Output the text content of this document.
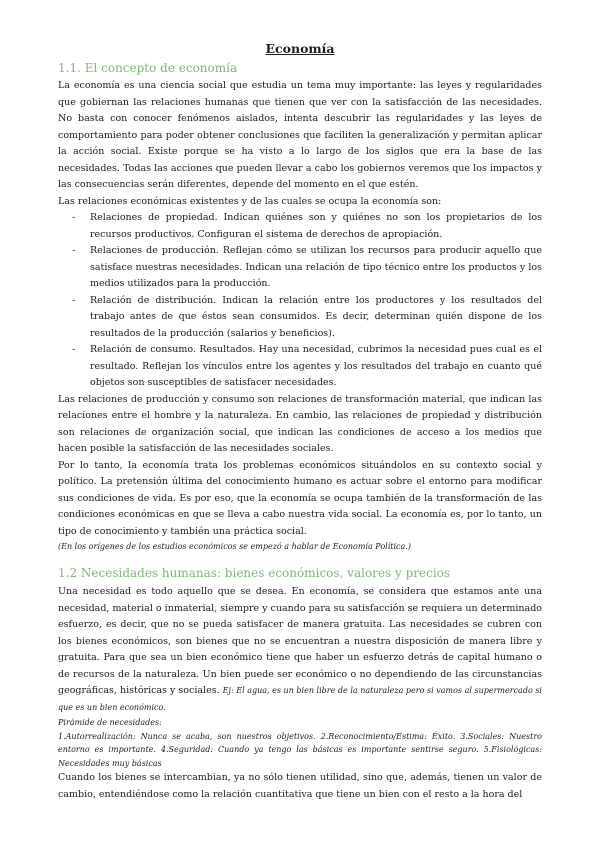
Economía
1.1. El concepto de economía

La economía es una ciencia social que estudia un tema muy importante: las leyes y regularidades que gobiernan las relaciones humanas que tienen que ver con la satisfacción de las necesidades. No basta con conocer fenómenos aislados, intenta descubrir las regularidades y las leyes de comportamiento para poder obtener conclusiones que faciliten la generalización y permitan aplicar la acción social. Existe porque se ha visto a lo largo de los siglos que era la base de las necesidades. Todas las acciones que pueden llevar a cabo los gobiernos veremos que los impactos y las consecuencias serán diferentes, depende del momento en el que estén.

Las relaciones económicas existentes y de las cuales se ocupa la economía son:

- Relaciones de propiedad. Indican quiénes son y quiénes no son los propietarios de los recursos productivos. Configuran el sistema de derechos de apropiación.
- Relaciones de producción. Reflejan cómo se utilizan los recursos para producir aquello que satisface nuestras necesidades. Indican una relación de tipo técnico entre los productos y los medios utilizados para la producción.
- Relación de distribución. Indican la relación entre los productores y los resultados del trabajo antes de que éstos sean consumidos. Es decir, determinan quién dispone de los resultados de la producción (salarios y beneficios).
- Relación de consumo. Resultados. Hay una necesidad, cubrimos la necesidad pues cual es el resultado. Reflejan los vínculos entre los agentes y los resultados del trabajo en cuanto qué objetos son susceptibles de satisfacer necesidades.

Las relaciones de producción y consumo son relaciones de transformación material, que indican las relaciones entre el hombre y la naturaleza. En cambio, las relaciones de propiedad y distribución son relaciones de organización social, que indican las condiciones de acceso a los medios que hacen posible la satisfacción de las necesidades sociales.

Por lo tanto, la economía trata los problemas económicos situándolos en su contexto social y político. La pretensión última del conocimiento humano es actuar sobre el entorno para modificar sus condiciones de vida. Es por eso, que la economía se ocupa también de la transformación de las condiciones económicas en que se lleva a cabo nuestra vida social. La economía es, por lo tanto, un tipo de conocimiento y también una práctica social.

(En los orígenes de los estudios económicos se empezó a hablar de Economía Política.)

1.2 Necesidades humanas: bienes económicos, valores y precios

Una necesidad es todo aquello que se desea. En economía, se considera que estamos ante una necesidad, material o inmaterial, siempre y cuando para su satisfacción se requiera un determinado esfuerzo, es decir, que no se pueda satisfacer de manera gratuita. Las necesidades se cubren con los bienes económicos, son bienes que no se encuentran a nuestra disposición de manera libre y gratuita. Para que sea un bien económico tiene que haber un esfuerzo detrás de capital humano o de recursos de la naturaleza. Un bien puede ser económico o no dependiendo de las circunstancias geográficas, históricas y sociales. Ej: El agua, es un bien libre de la naturaleza pero si vamos al supermercado si que es un bien económico.

Pirámide de necesidades:

1.Autorrealización: Nunca se acaba, son nuestros objetivos. 2.Reconocimiento/Estima: Éxito. 3.Sociales: Nuestro entorno es importante. 4.Seguridad: Cuando ya tengo las básicas es importante sentirse seguro. 5.Fisiológicas: Necesidades muy básicas

Cuando los bienes se intercambian, ya no sólo tienen utilidad, sino que, además, tienen un valor de cambio, entendiéndose como la relación cuantitativa que tiene un bien con el resto a la hora del
